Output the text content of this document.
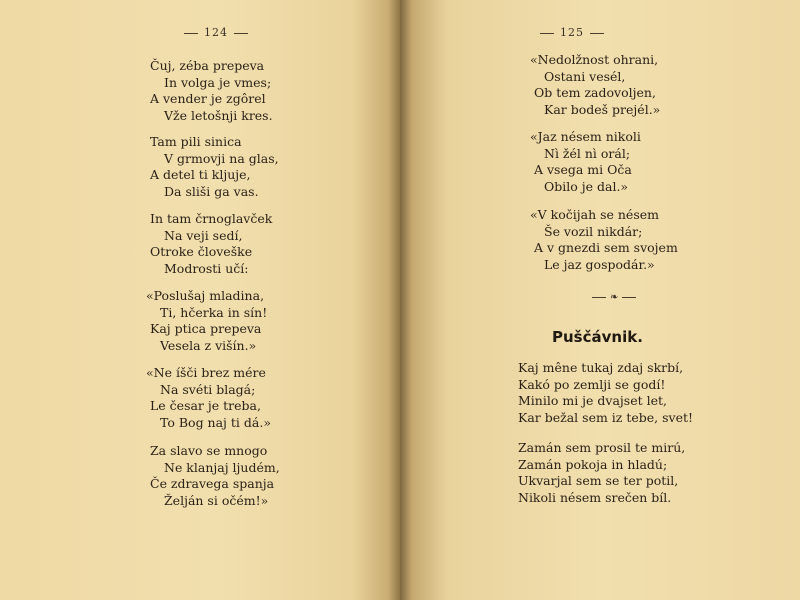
124
Čuj, zéba prepeva
In volga je vmes;
A vender je zgôrel
Vže letošnji kres.
Tam pili sinica
V grmovji na glas,
A detel ti kljuje,
Da sliši ga vas.
In tam črnoglavček
Na veji sedí,
Otroke človeške
Modrosti učí:
«Poslušaj mladina,
Ti, hčerka in sín!
Kaj ptica prepeva
Vesela z višín.»
«Ne íšči brez mére
Na svéti blagá;
Le česar je treba,
To Bog naj ti dá.»
Za slavo se mnogo
Ne klanjaj ljudém,
Če zdravega spanja
Želján si očém!»
125
«Nedolžnost ohrani,
Ostani vesél,
Ob tem zadovoljen,
Kar bodeš prejél.»
«Jaz nésem nikoli
Nì žél nì orál;
A vsega mi Oča
Obilo je dal.»
«V kočijah se nésem
Še vozil nikdár;
A v gnezdi sem svojem
Le jaz gospodár.»
❧
Puščávnik.
Kaj mêne tukaj zdaj skrbí,
Kakó po zemlji se godí!
Minilo mi je dvajset let,
Kar bežal sem iz tebe, svet!
Zamán sem prosil te mirú,
Zamán pokoja in hladú;
Ukvarjal sem se ter potil,
Nikoli nésem srečen bíl.
